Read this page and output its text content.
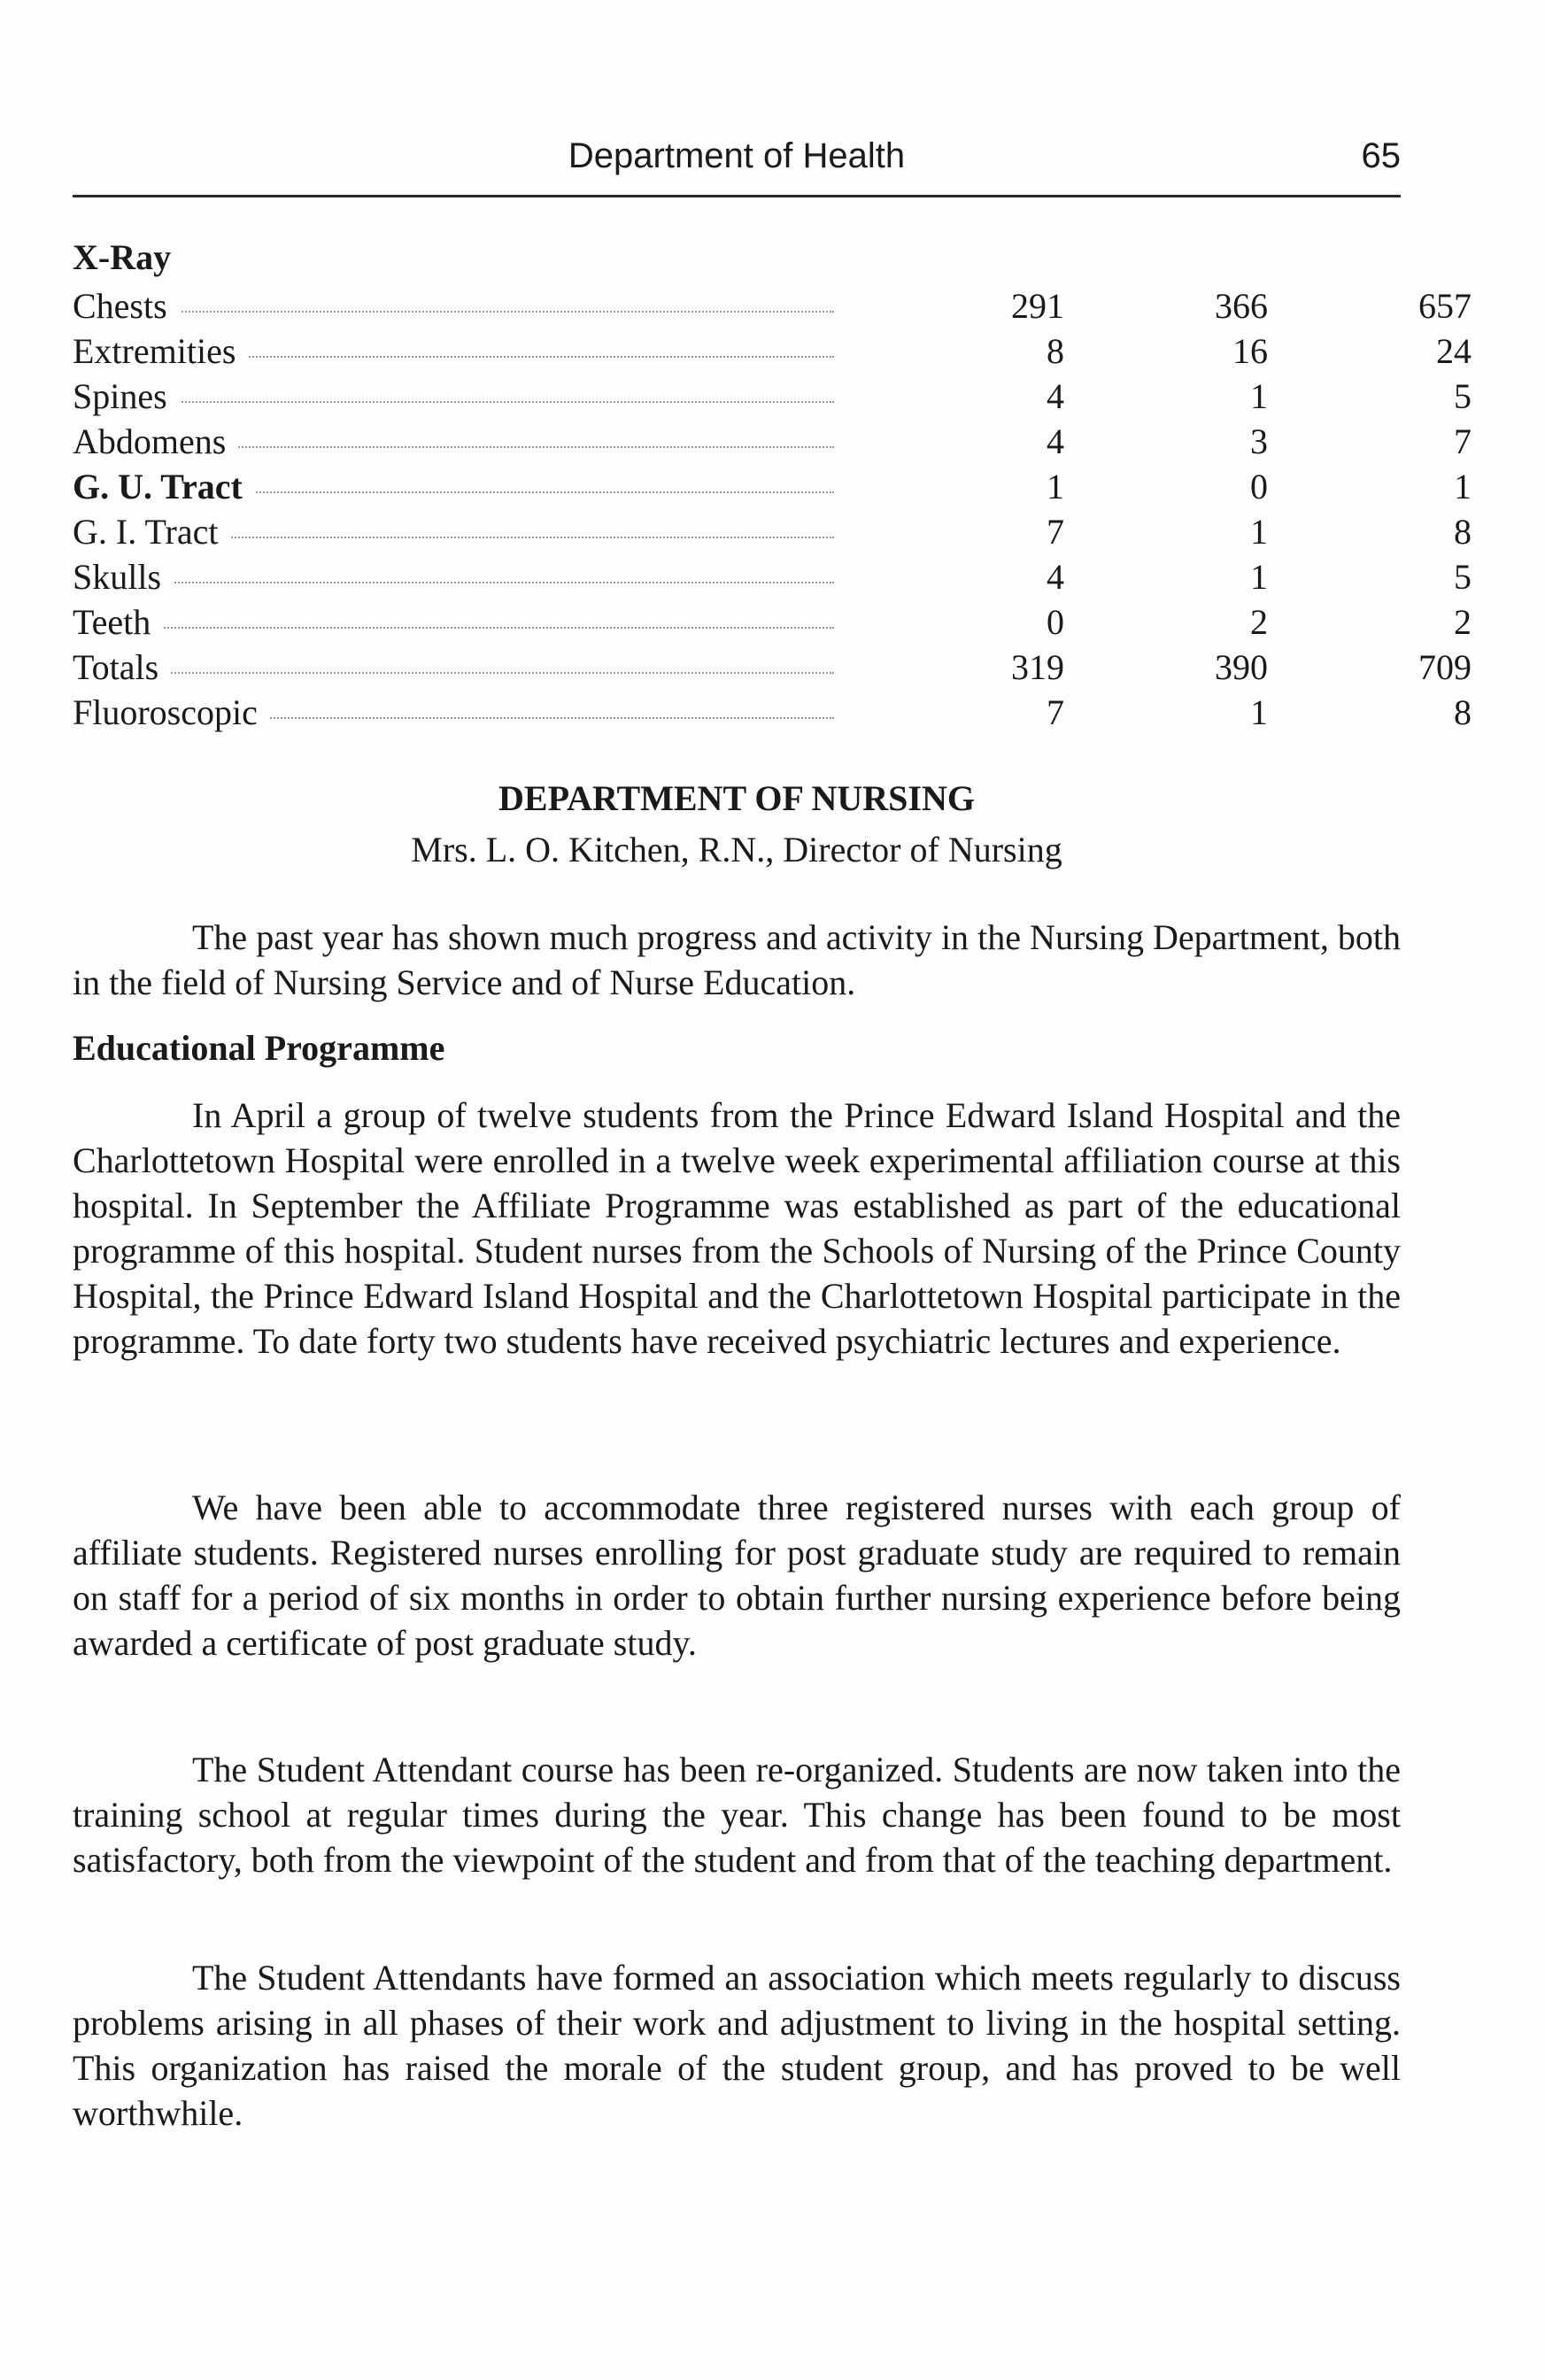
Department of Health	65
X-Ray
Chests	291	366	657
Extremities	8	16	24
Spines	4	1	5
Abdomens	4	3	7
G. U. Tract	1	0	1
G. I. Tract	7	1	8
Skulls	4	1	5
Teeth	0	2	2
Totals	319	390	709
Fluoroscopic	7	1	8
DEPARTMENT OF NURSING
Mrs. L. O. Kitchen, R.N., Director of Nursing

The past year has shown much progress and activity in the Nursing Department, both in the field of Nursing Service and of Nurse Education.

Educational Programme

In April a group of twelve students from the Prince Edward Island Hospital and the Charlottetown Hospital were enrolled in a twelve week experimental affiliation course at this hospital. In September the Affiliate Programme was established as part of the educational programme of this hospital. Student nurses from the Schools of Nursing of the Prince County Hospital, the Prince Edward Island Hospital and the Charlottetown Hospital participate in the programme. To date forty two students have received psychiatric lectures and experience.

We have been able to accommodate three registered nurses with each group of affiliate students. Registered nurses enrolling for post graduate study are required to remain on staff for a period of six months in order to obtain further nursing experience before being awarded a certificate of post graduate study.

The Student Attendant course has been re-organized. Students are now taken into the training school at regular times during the year. This change has been found to be most satisfactory, both from the viewpoint of the student and from that of the teaching department.

The Student Attendants have formed an association which meets regularly to discuss problems arising in all phases of their work and adjustment to living in the hospital setting. This organization has raised the morale of the student group, and has proved to be well worthwhile.
